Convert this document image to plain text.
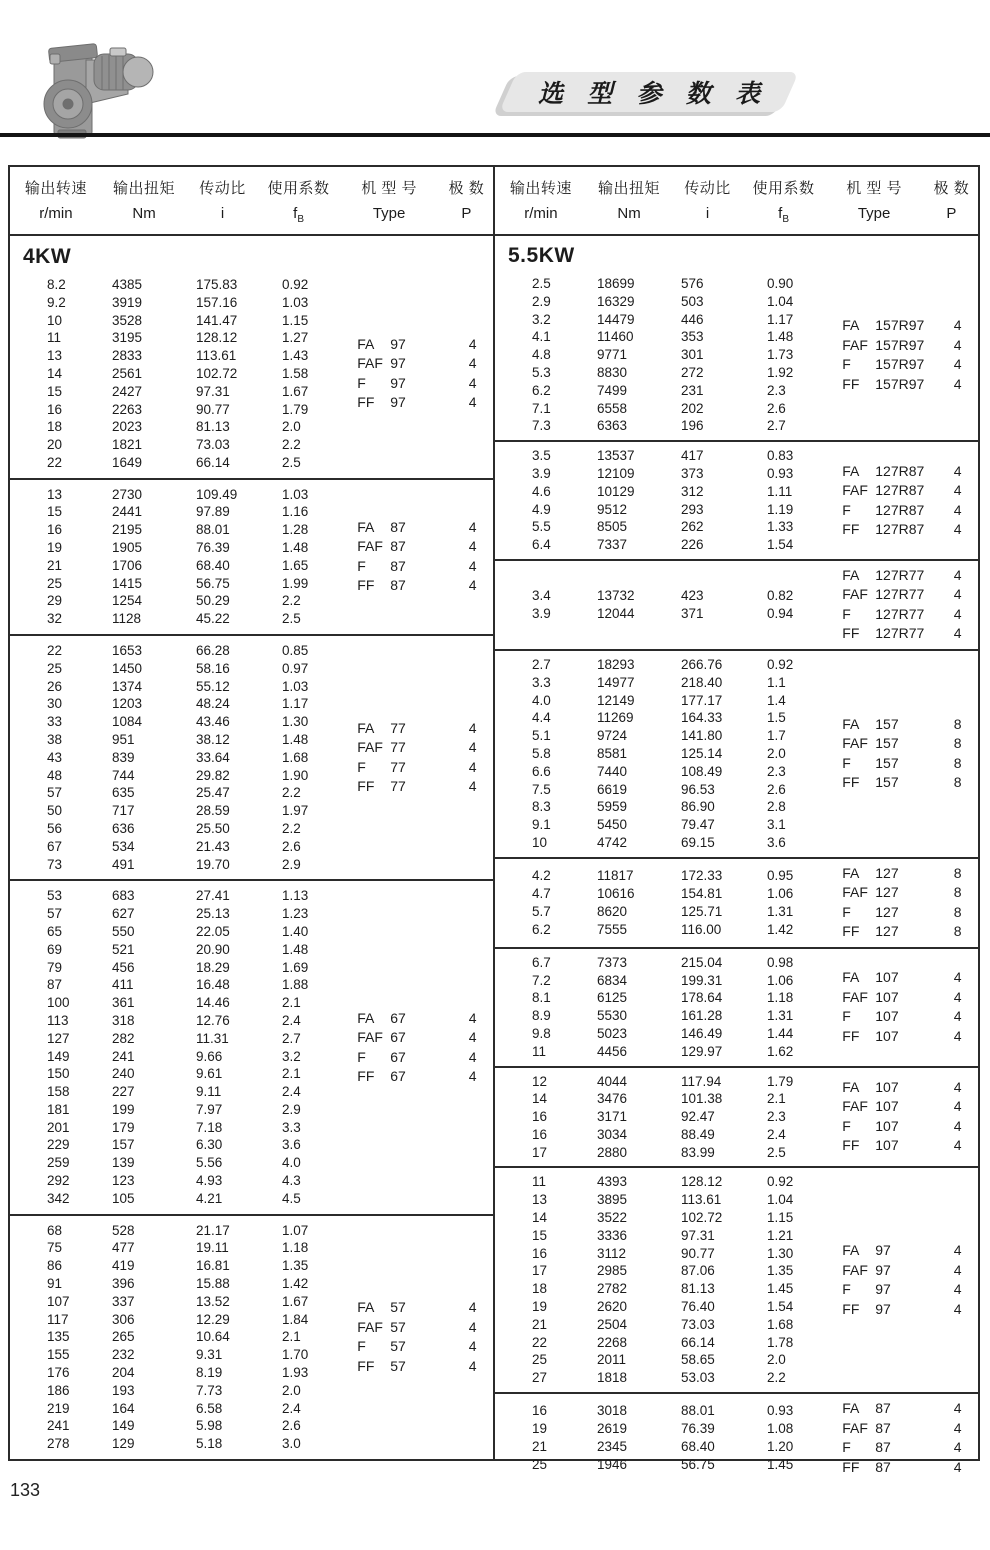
选 型 参 数 表
输出转速
r/min
输出扭矩
Nm
传动比
i
使用系数
$f_B$
机 型 号
Type
极 数
P
4KW
8.2	4385	175.83	0.92
9.2	3919	157.16	1.03
10	3528	141.47	1.15
11	3195	128.12	1.27
13	2833	113.61	1.43
14	2561	102.72	1.58
15	2427	97.31	1.67
16	2263	90.77	1.79
18	2023	81.13	2.0
20	1821	73.03	2.2
22	1649	66.14	2.5
FA	97	4
FAF 97	4
F	97	4
FF	97	4
13	2730	109.49	1.03
15	2441	97.89	1.16
16	2195	88.01	1.28
19	1905	76.39	1.48
21	1706	68.40	1.65
25	1415	56.75	1.99
29	1254	50.29	2.2
32	1128	45.22	2.5
FA	87	4
FAF 87	4
F	87	4
FF	87	4
22	1653	66.28	0.85
25	1450	58.16	0.97
26	1374	55.12	1.03
30	1203	48.24	1.17
33	1084	43.46	1.30
38	951	38.12	1.48
43	839	33.64	1.68
48	744	29.82	1.90
57	635	25.47	2.2
50	717	28.59	1.97
56	636	25.50	2.2
67	534	21.43	2.6
73	491	19.70	2.9
FA	77	4
FAF 77	4
F	77	4
FF	77	4
53	683	27.41	1.13
57	627	25.13	1.23
65	550	22.05	1.40
69	521	20.90	1.48
79	456	18.29	1.69
87	411	16.48	1.88
100	361	14.46	2.1
113	318	12.76	2.4
127	282	11.31	2.7
149	241	9.66	3.2
150	240	9.61	2.1
158	227	9.11	2.4
181	199	7.97	2.9
201	179	7.18	3.3
229	157	6.30	3.6
259	139	5.56	4.0
292	123	4.93	4.3
342	105	4.21	4.5
FA	67	4
FAF 67	4
F	67	4
FF	67	4
68	528	21.17	1.07
75	477	19.11	1.18
86	419	16.81	1.35
91	396	15.88	1.42
107	337	13.52	1.67
117	306	12.29	1.84
135	265	10.64	2.1
155	232	9.31	1.70
176	204	8.19	1.93
186	193	7.73	2.0
219	164	6.58	2.4
241	149	5.98	2.6
278	129	5.18	3.0
FA	57	4
FAF 57	4
F	57	4
FF	57	4
输出转速
r/min
输出扭矩
Nm
传动比
i
使用系数
$f_B$
机 型 号
Type
极 数
P
5.5KW
2.5	18699	576	0.90
2.9	16329	503	1.04
3.2	14479	446	1.17
4.1	11460	353	1.48
4.8	9771	301	1.73
5.3	8830	272	1.92
6.2	7499	231	2.3
7.1	6558	202	2.6
7.3	6363	196	2.7
FA	157R97	4
FAF 157R97	4
F	157R97	4
FF	157R97	4
3.5	13537	417	0.83
3.9	12109	373	0.93
4.6	10129	312	1.11
4.9	9512	293	1.19
5.5	8505	262	1.33
6.4	7337	226	1.54
FA	127R87	4
FAF 127R87	4
F	127R87	4
FF	127R87	4
3.4	13732	423	0.82
3.9	12044	371	0.94
FA	127R77	4
FAF 127R77	4
F	127R77	4
FF	127R77	4
2.7	18293	266.76	0.92
3.3	14977	218.40	1.1
4.0	12149	177.17	1.4
4.4	11269	164.33	1.5
5.1	9724	141.80	1.7
5.8	8581	125.14	2.0
6.6	7440	108.49	2.3
7.5	6619	96.53	2.6
8.3	5959	86.90	2.8
9.1	5450	79.47	3.1
10	4742	69.15	3.6
FA	157	8
FAF 157	8
F	157	8
FF	157	8
4.2	11817	172.33	0.95
4.7	10616	154.81	1.06
5.7	8620	125.71	1.31
6.2	7555	116.00	1.42
FA	127	8
FAF 127	8
F	127	8
FF	127	8
6.7	7373	215.04	0.98
7.2	6834	199.31	1.06
8.1	6125	178.64	1.18
8.9	5530	161.28	1.31
9.8	5023	146.49	1.44
11	4456	129.97	1.62
FA	107	4
FAF 107	4
F	107	4
FF	107	4
12	4044	117.94	1.79
14	3476	101.38	2.1
16	3171	92.47	2.3
16	3034	88.49	2.4
17	2880	83.99	2.5
FA	107	4
FAF 107	4
F	107	4
FF	107	4
11	4393	128.12	0.92
13	3895	113.61	1.04
14	3522	102.72	1.15
15	3336	97.31	1.21
16	3112	90.77	1.30
17	2985	87.06	1.35
18	2782	81.13	1.45
19	2620	76.40	1.54
21	2504	73.03	1.68
22	2268	66.14	1.78
25	2011	58.65	2.0
27	1818	53.03	2.2
FA	97	4
FAF 97	4
F	97	4
FF	97	4
16	3018	88.01	0.93
19	2619	76.39	1.08
21	2345	68.40	1.20
25	1946	56.75	1.45
FA	87	4
FAF 87	4
F	87	4
FF	87	4
133
